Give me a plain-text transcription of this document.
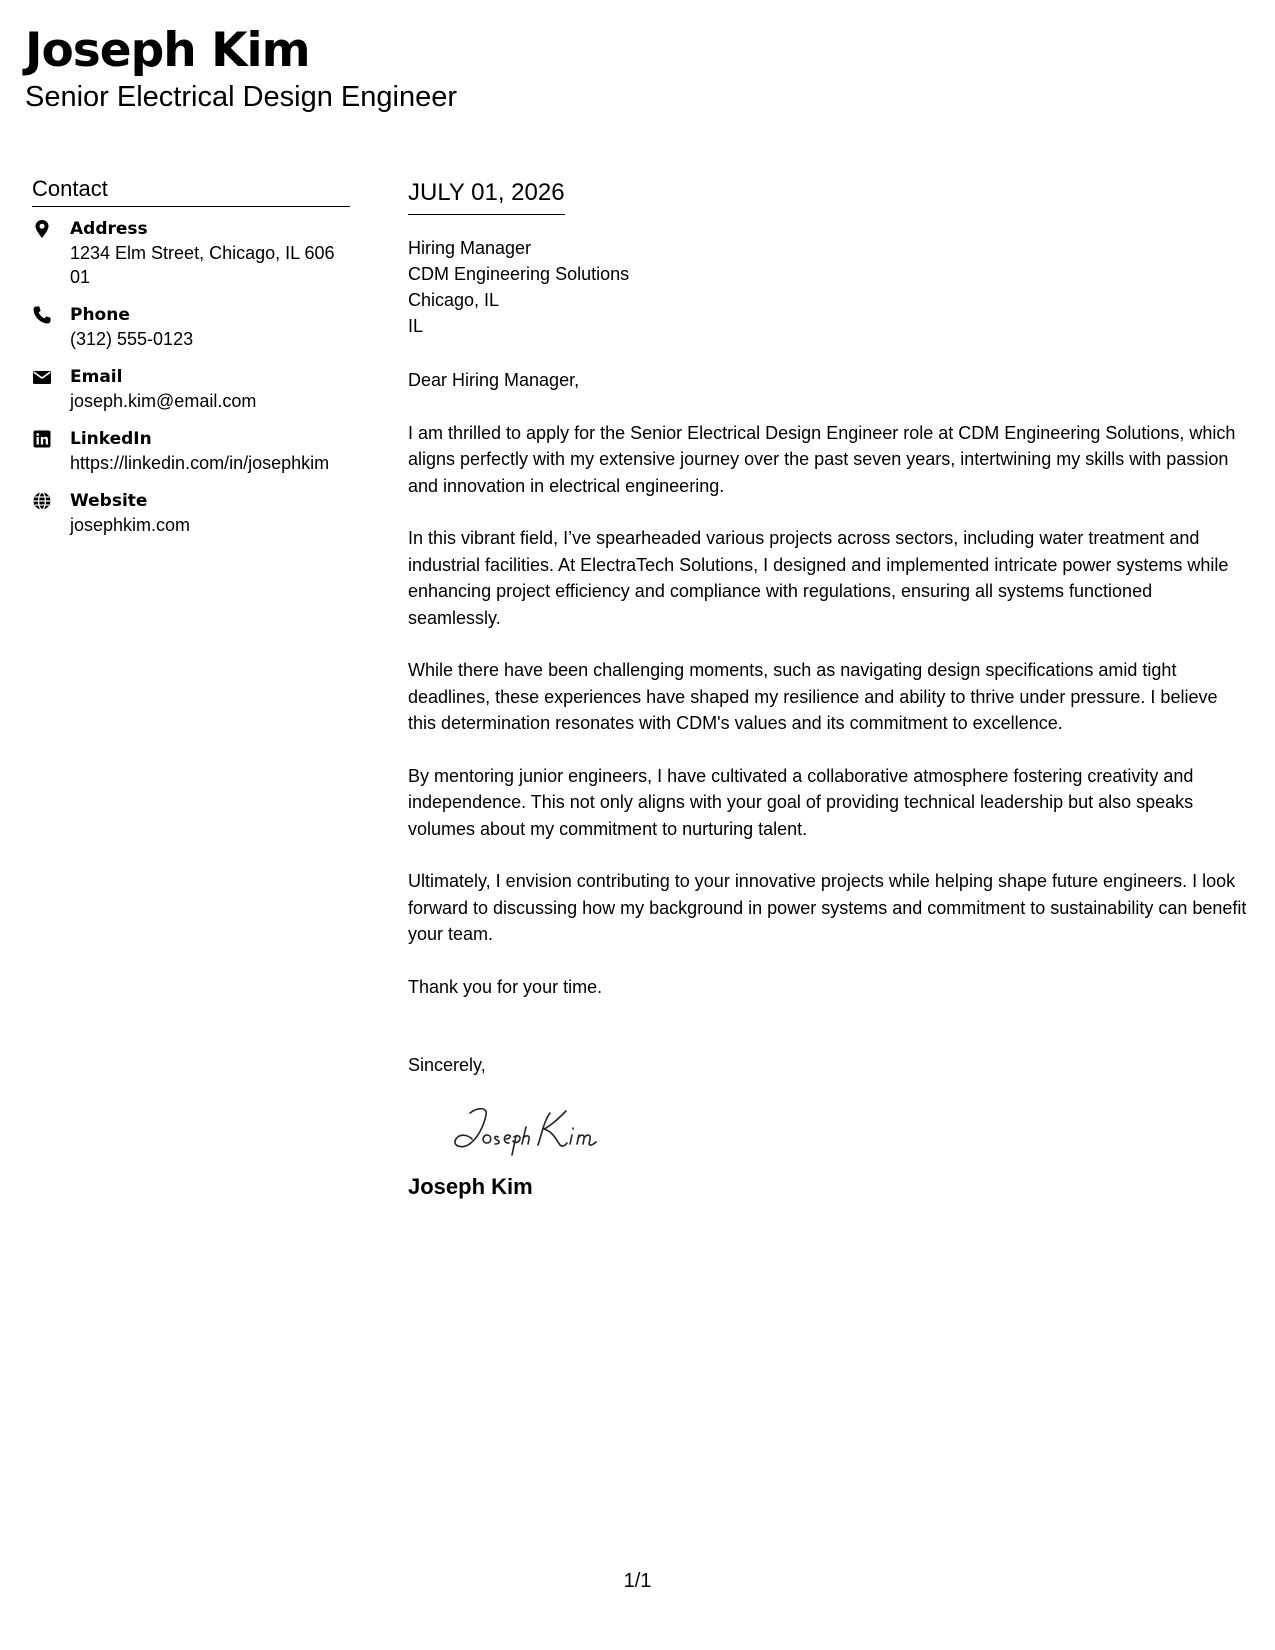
Joseph Kim
Senior Electrical Design Engineer
Contact
Address
1234 Elm Street, Chicago, IL 60601
Phone
(312) 555-0123
Email
joseph.kim@email.com
LinkedIn
https://linkedin.com/in/josephkim
Website
josephkim.com
JULY 01, 2026
Hiring Manager
CDM Engineering Solutions
Chicago, IL
IL
Dear Hiring Manager,
I am thrilled to apply for the Senior Electrical Design Engineer role at CDM Engineering Solutions, which aligns perfectly with my extensive journey over the past seven years, intertwining my skills with passion and innovation in electrical engineering.
In this vibrant field, I’ve spearheaded various projects across sectors, including water treatment and industrial facilities. At ElectraTech Solutions, I designed and implemented intricate power systems while enhancing project efficiency and compliance with regulations, ensuring all systems functioned seamlessly.
While there have been challenging moments, such as navigating design specifications amid tight deadlines, these experiences have shaped my resilience and ability to thrive under pressure. I believe this determination resonates with CDM's values and its commitment to excellence.
By mentoring junior engineers, I have cultivated a collaborative atmosphere fostering creativity and independence. This not only aligns with your goal of providing technical leadership but also speaks volumes about my commitment to nurturing talent.
Ultimately, I envision contributing to your innovative projects while helping shape future engineers. I look forward to discussing how my background in power systems and commitment to sustainability can benefit your team.
Thank you for your time.
Sincerely,
Joseph Kim
1/1
